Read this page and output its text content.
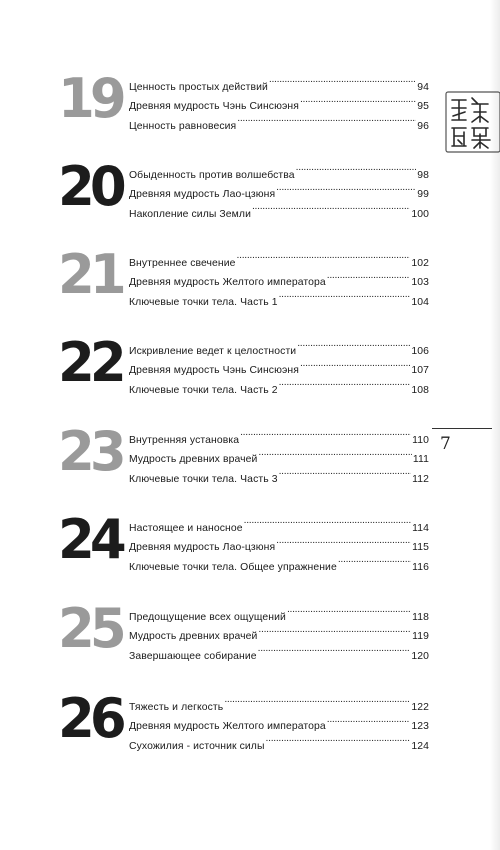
19 Ценность простых действий . . .	94
Древняя мудрость Чэнь Синсюэня . . .	95
Ценность равновесия . . .	96
20 Обыденность против волшебства . . .	98
Древняя мудрость Лао-цзюня . . .	99
Накопление силы Земли . . .	100
21 Внутреннее свечение . . .	102
Древняя мудрость Желтого императора . . .	103
Ключевые точки тела. Часть 1 . . .	104
22 Искривление ведет к целостности . . .	106
Древняя мудрость Чэнь Синсюэня . . .	107
Ключевые точки тела. Часть 2 . . .	108
23 Внутренняя установка . . .	110
Мудрость древних врачей . . .	111
Ключевые точки тела. Часть 3 . . .	112
24 Настоящее и наносное . . .	114
Древняя мудрость Лао-цзюня . . .	115
Ключевые точки тела. Общее упражнение . . .	116
25 Предощущение всех ощущений . . .	118
Мудрость древних врачей . . .	119
Завершающее собирание . . .	120
26 Тяжесть и легкость . . .	122
Древняя мудрость Желтого императора . . .	123
Сухожилия - источник силы . . .	124
7
